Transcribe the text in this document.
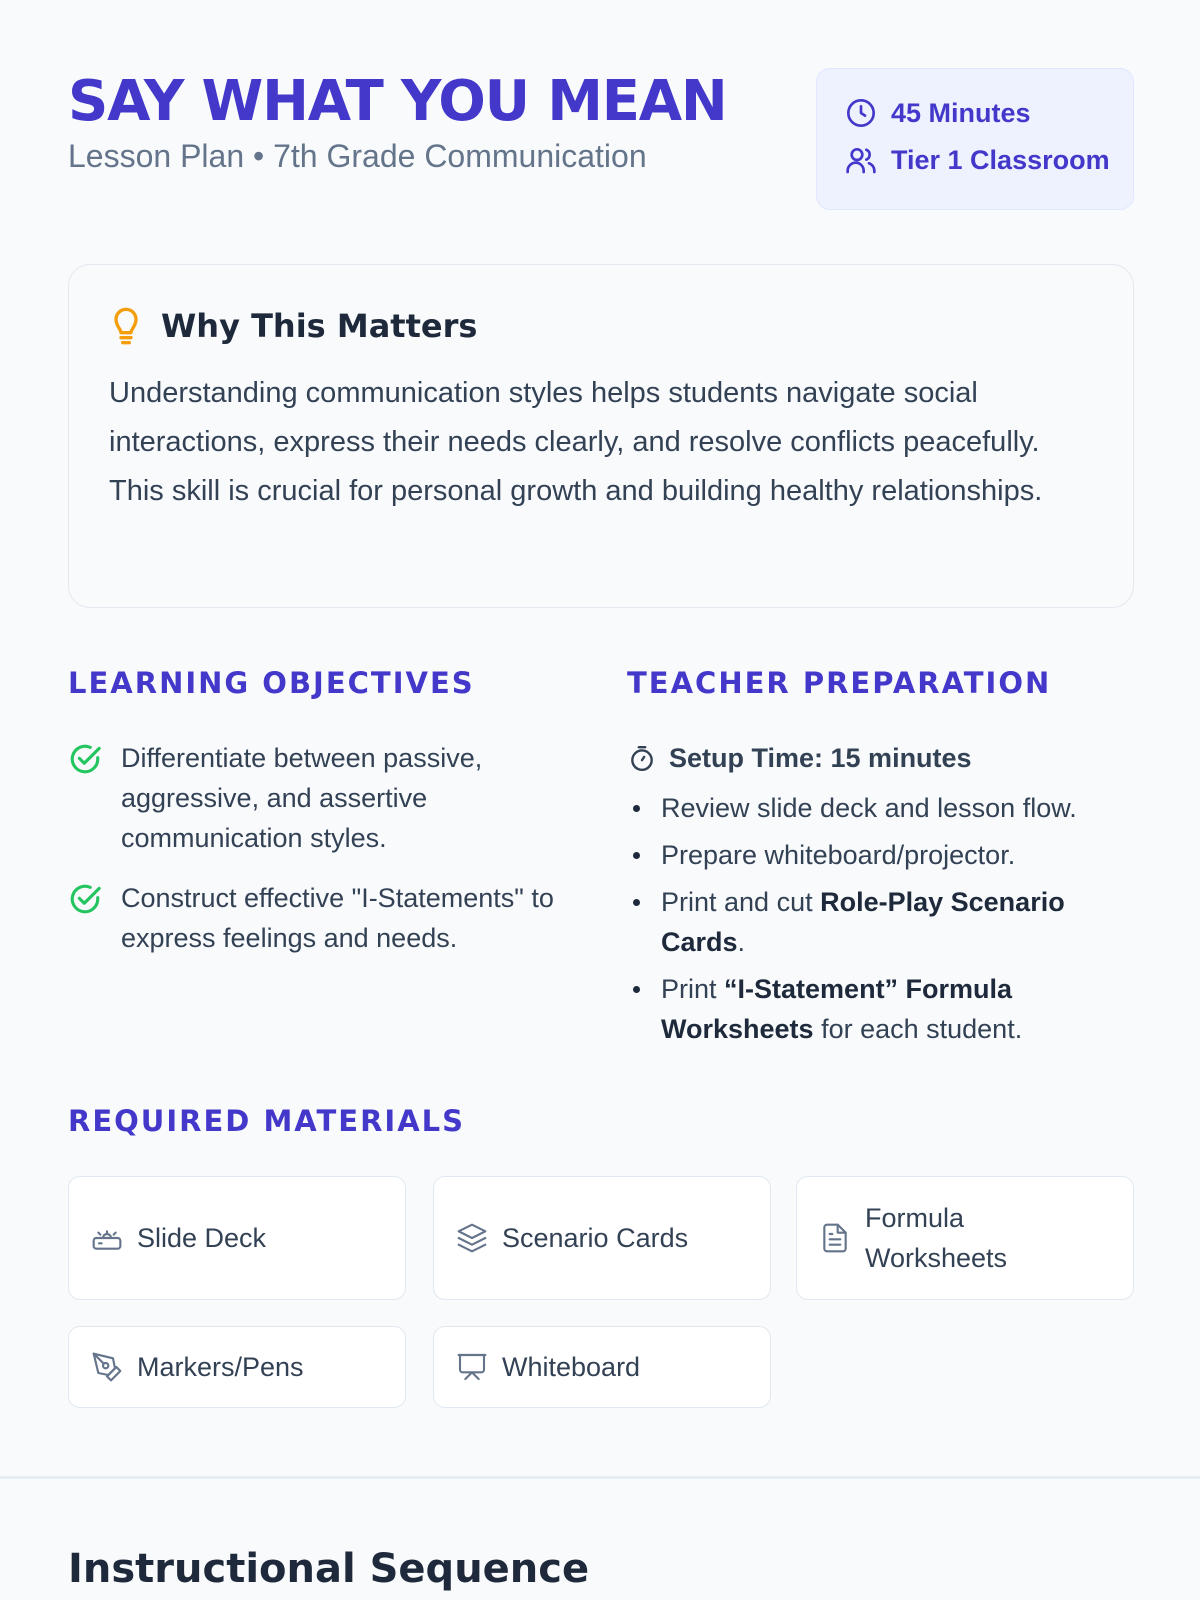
SAY WHAT YOU MEAN
Lesson Plan • 7th Grade Communication
45 Minutes
Tier 1 Classroom
Why This Matters

Understanding communication styles helps students navigate social interactions, express their needs clearly, and resolve conflicts peacefully. This skill is crucial for personal growth and building healthy relationships.

LEARNING OBJECTIVES
Differentiate between passive, aggressive, and assertive communication styles.
Construct effective "I-Statements" to express feelings and needs.
TEACHER PREPARATION
Setup Time: 15 minutes
Review slide deck and lesson flow.
Prepare whiteboard/projector.
Print and cut Role-Play Scenario Cards.
Print “I-Statement” Formula Worksheets for each student.
REQUIRED MATERIALS
Slide Deck	Scenario Cards
Formula Worksheets
Markers/Pens	Whiteboard
Instructional Sequence
